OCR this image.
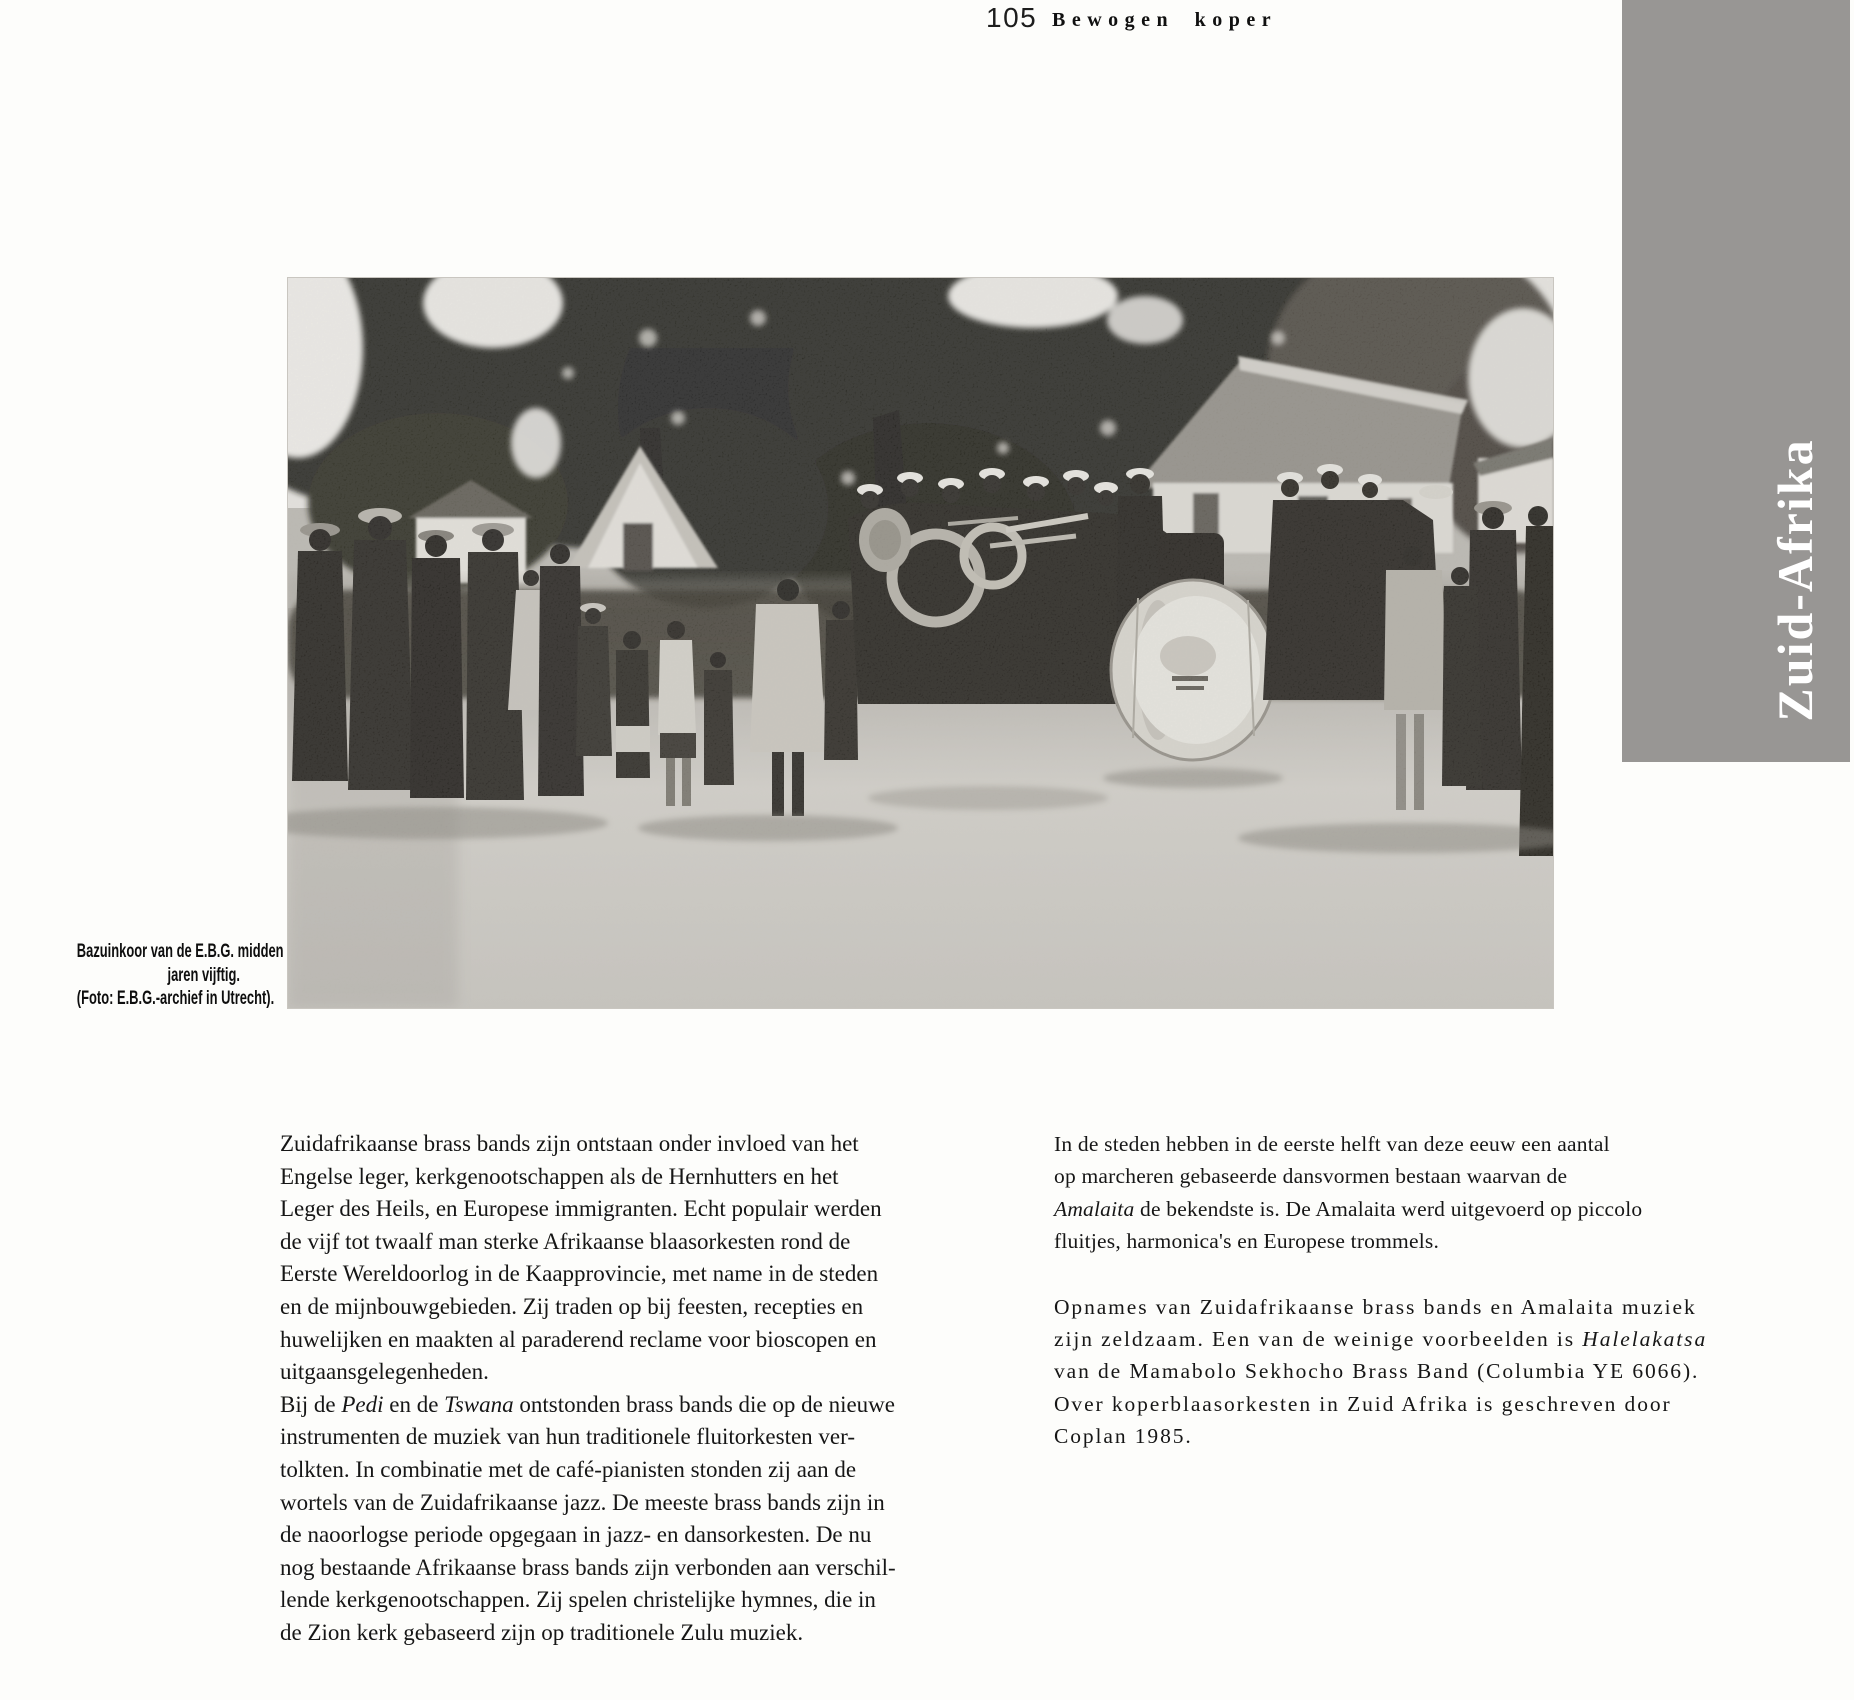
105 Bewogen koper
Zuid-Afrika
Bazuinkoor van de E.B.G. midden
jaren vijftig.
(Foto: E.B.G.-archief in Utrecht).
Zuidafrikaanse brass bands zijn ontstaan onder invloed van het
Engelse leger, kerkgenootschappen als de Hernhutters en het
Leger des Heils, en Europese immigranten. Echt populair werden
de vijf tot twaalf man sterke Afrikaanse blaasorkesten rond de
Eerste Wereldoorlog in de Kaapprovincie, met name in de steden
en de mijnbouwgebieden. Zij traden op bij feesten, recepties en
huwelijken en maakten al paraderend reclame voor bioscopen en
uitgaansgelegenheden.
Bij de Pedi en de Tswana ontstonden brass bands die op de nieuwe
instrumenten de muziek van hun traditionele fluitorkesten ver-
tolkten. In combinatie met de café-pianisten stonden zij aan de
wortels van de Zuidafrikaanse jazz. De meeste brass bands zijn in
de naoorlogse periode opgegaan in jazz- en dansorkesten. De nu
nog bestaande Afrikaanse brass bands zijn verbonden aan verschil-
lende kerkgenootschappen. Zij spelen christelijke hymnes, die in
de Zion kerk gebaseerd zijn op traditionele Zulu muziek.
In de steden hebben in de eerste helft van deze eeuw een aantal
op marcheren gebaseerde dansvormen bestaan waarvan de
Amalaita de bekendste is. De Amalaita werd uitgevoerd op piccolo
fluitjes, harmonica's en Europese trommels.
Opnames van Zuidafrikaanse brass bands en Amalaita muziek
zijn zeldzaam. Een van de weinige voorbeelden is Halelakatsa
van de Mamabolo Sekhocho Brass Band (Columbia YE 6066).
Over koperblaasorkesten in Zuid Afrika is geschreven door
Coplan 1985.
